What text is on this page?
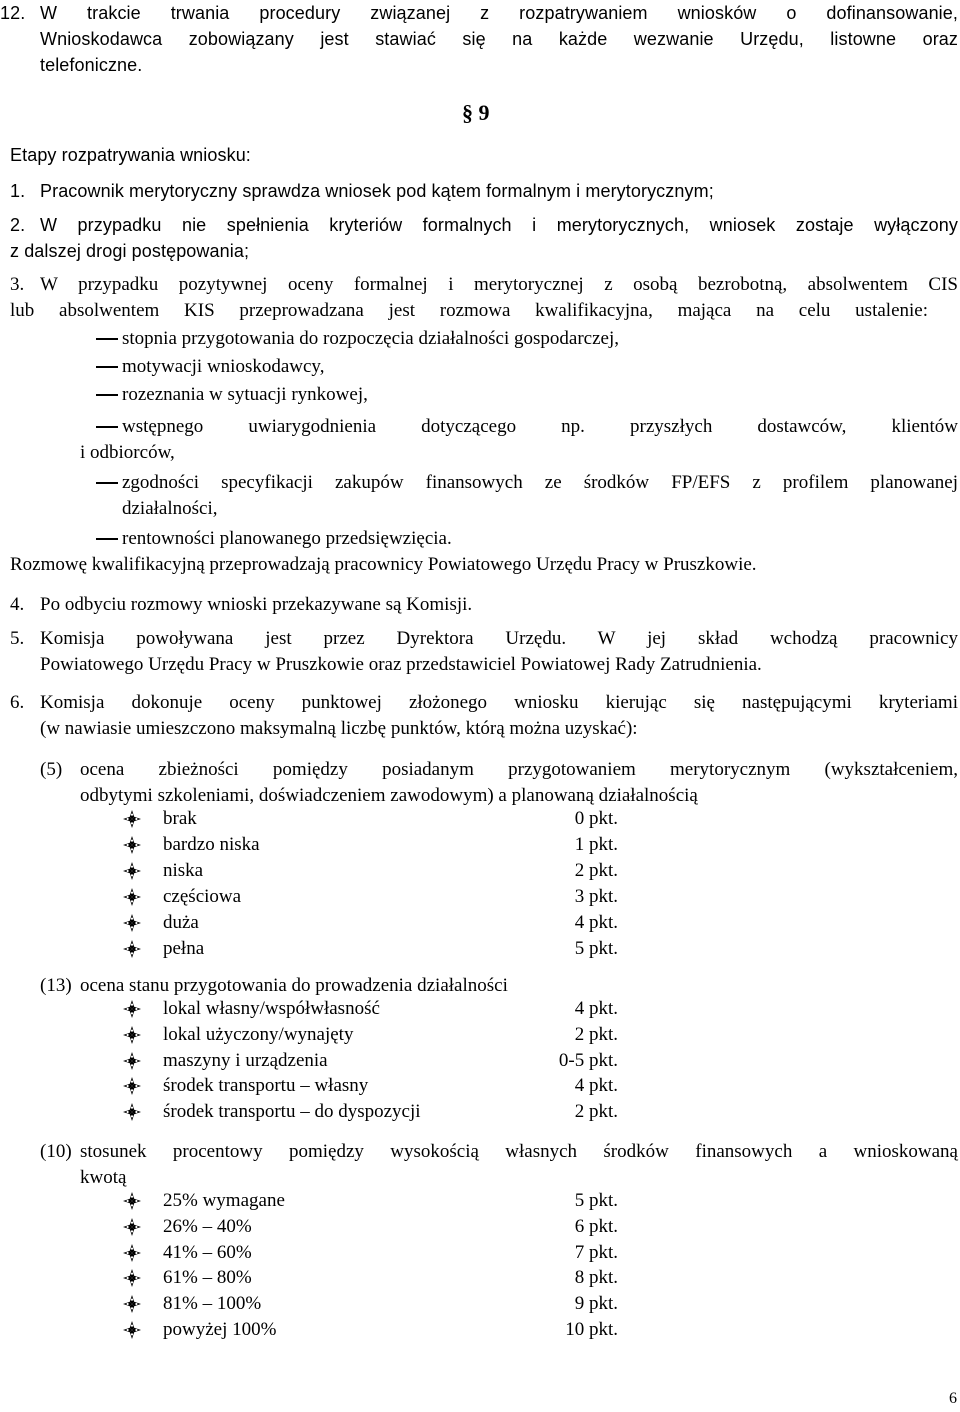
12. W trakcie trwania procedury związanej z rozpatrywaniem wniosków o dofinansowanie,
Wnioskodawca zobowiązany jest stawiać się na każde wezwanie Urzędu, listowne oraz
telefoniczne.
§ 9
Etapy rozpatrywania wniosku:
1. Pracownik merytoryczny sprawdza wniosek pod kątem formalnym i merytorycznym;
2. W przypadku nie spełnienia kryteriów formalnych i merytorycznych, wniosek zostaje wyłączony
z dalszej drogi postępowania;
3. W przypadku pozytywnej oceny formalnej i merytorycznej z osobą bezrobotną, absolwentem CIS
lub absolwentem KIS przeprowadzana jest rozmowa kwalifikacyjna, mająca na celu ustalenie:
stopnia przygotowania do rozpoczęcia działalności gospodarczej,
motywacji wnioskodawcy,
rozeznania w sytuacji rynkowej,
wstępnego uwiarygodnienia dotyczącego np. przyszłych dostawców, klientów
i odbiorców,
zgodności specyfikacji zakupów finansowych ze środków FP/EFS z profilem planowanej
działalności,
rentowności planowanego przedsięwzięcia.
Rozmowę kwalifikacyjną przeprowadzają pracownicy Powiatowego Urzędu Pracy w Pruszkowie.
4. Po odbyciu rozmowy wnioski przekazywane są Komisji.
5. Komisja powoływana jest przez Dyrektora Urzędu. W jej skład wchodzą pracownicy
Powiatowego Urzędu Pracy w Pruszkowie oraz przedstawiciel Powiatowej Rady Zatrudnienia.
6. Komisja dokonuje oceny punktowej złożonego wniosku kierując się następującymi kryteriami
(w nawiasie umieszczono maksymalną liczbę punktów, którą można uzyskać):
(5) ocena zbieżności pomiędzy posiadanym przygotowaniem merytorycznym (wykształceniem,
odbytymi szkoleniami, doświadczeniem zawodowym) a planowaną działalnością
(13) ocena stanu przygotowania do prowadzenia działalności
(10) stosunek procentowy pomiędzy wysokością własnych środków finansowych a wnioskowaną
kwotą
brak	0 pkt.
bardzo niska	1 pkt.
niska	2 pkt.
częściowa	3 pkt.
duża	4 pkt.
pełna	5 pkt.
lokal własny/współwłasność	4 pkt.
lokal użyczony/wynajęty	2 pkt.
maszyny i urządzenia	0-5 pkt.
środek transportu – własny	4 pkt.
środek transportu – do dyspozycji	2 pkt.
25% wymagane	5 pkt.
26% – 40%	6 pkt.
41% – 60%	7 pkt.
61% – 80%	8 pkt.
81% – 100%	9 pkt.
powyżej 100%	10 pkt.
6
